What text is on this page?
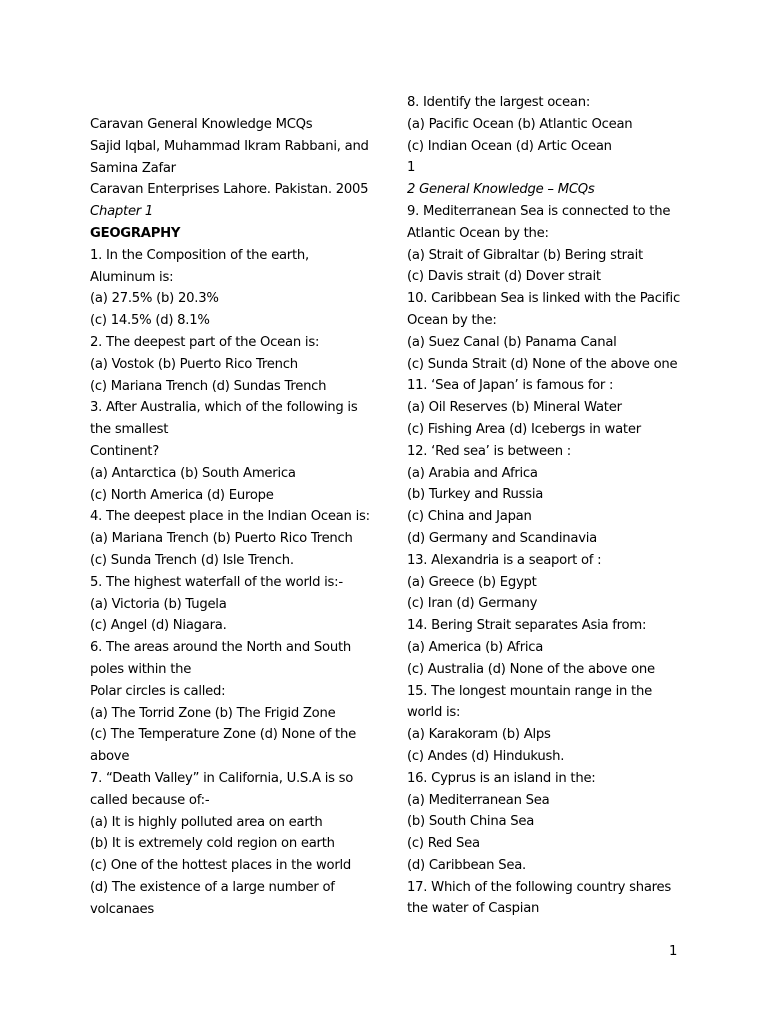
Caravan General Knowledge MCQs
Sajid Iqbal, Muhammad Ikram Rabbani, and
Samina Zafar
Caravan Enterprises Lahore. Pakistan. 2005
Chapter 1
GEOGRAPHY
1. In the Composition of the earth,
Aluminum is:
(a) 27.5% (b) 20.3%
(c) 14.5% (d) 8.1%
2. The deepest part of the Ocean is:
(a) Vostok (b) Puerto Rico Trench
(c) Mariana Trench (d) Sundas Trench
3. After Australia, which of the following is
the smallest
Continent?
(a) Antarctica (b) South America
(c) North America (d) Europe
4. The deepest place in the Indian Ocean is:
(a) Mariana Trench (b) Puerto Rico Trench
(c) Sunda Trench (d) Isle Trench.
5. The highest waterfall of the world is:-
(a) Victoria (b) Tugela
(c) Angel (d) Niagara.
6. The areas around the North and South
poles within the
Polar circles is called:
(a) The Torrid Zone (b) The Frigid Zone
(c) The Temperature Zone (d) None of the
above
7. “Death Valley” in California, U.S.A is so
called because of:-
(a) It is highly polluted area on earth
(b) It is extremely cold region on earth
(c) One of the hottest places in the world
(d) The existence of a large number of
volcanaes
8. Identify the largest ocean:
(a) Pacific Ocean (b) Atlantic Ocean
(c) Indian Ocean (d) Artic Ocean
1
2 General Knowledge – MCQs
9. Mediterranean Sea is connected to the
Atlantic Ocean by the:
(a) Strait of Gibraltar (b) Bering strait
(c) Davis strait (d) Dover strait
10. Caribbean Sea is linked with the Pacific
Ocean by the:
(a) Suez Canal (b) Panama Canal
(c) Sunda Strait (d) None of the above one
11. ‘Sea of Japan’ is famous for :
(a) Oil Reserves (b) Mineral Water
(c) Fishing Area (d) Icebergs in water
12. ‘Red sea’ is between :
(a) Arabia and Africa
(b) Turkey and Russia
(c) China and Japan
(d) Germany and Scandinavia
13. Alexandria is a seaport of :
(a) Greece (b) Egypt
(c) Iran (d) Germany
14. Bering Strait separates Asia from:
(a) America (b) Africa
(c) Australia (d) None of the above one
15. The longest mountain range in the
world is:
(a) Karakoram (b) Alps
(c) Andes (d) Hindukush.
16. Cyprus is an island in the:
(a) Mediterranean Sea
(b) South China Sea
(c) Red Sea
(d) Caribbean Sea.
17. Which of the following country shares
the water of Caspian
1
